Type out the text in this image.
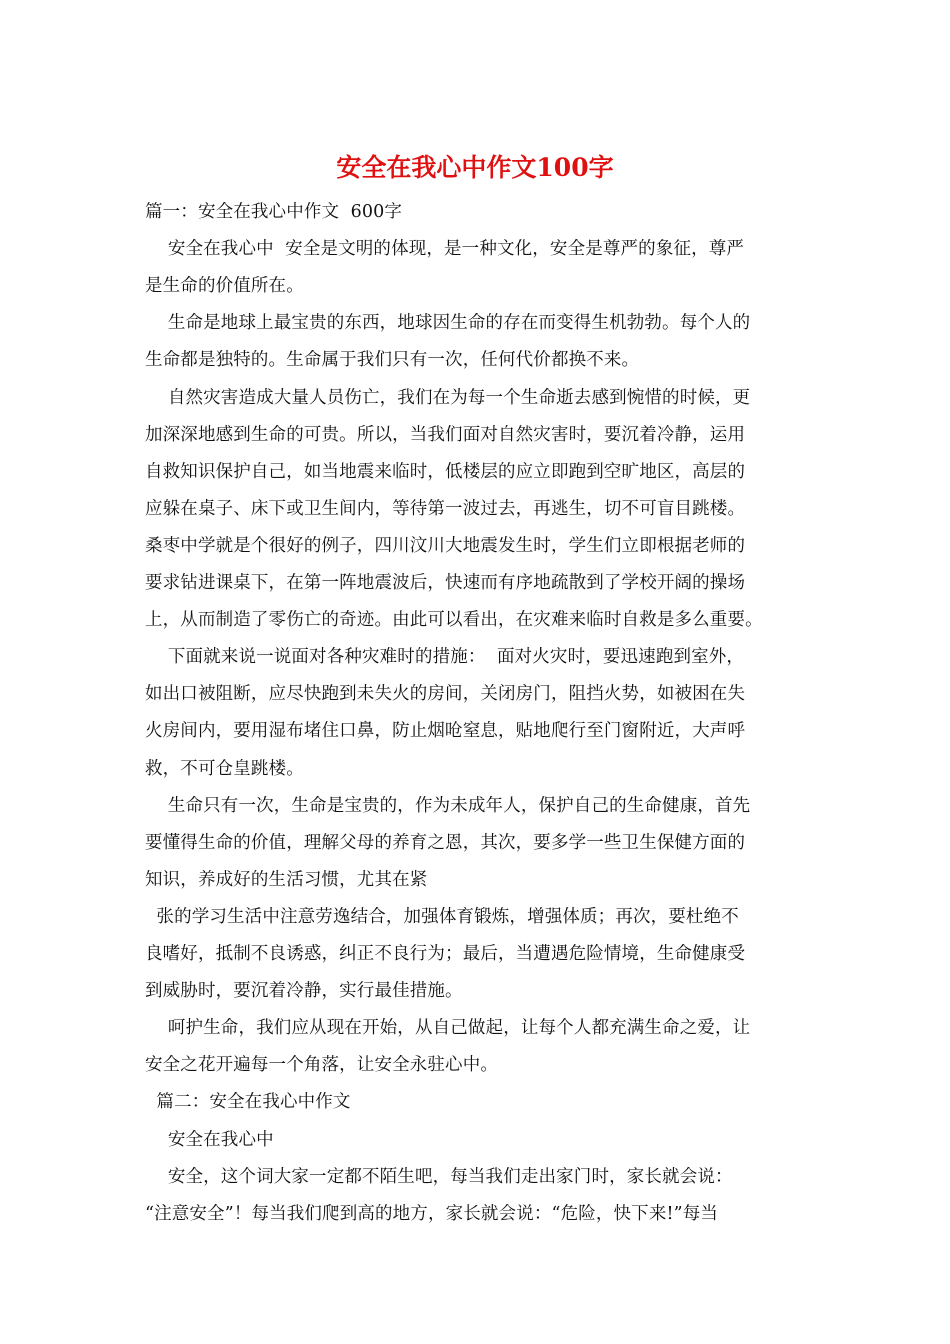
安全在我心中作文100字
篇一：安全在我心中作文  600字
安全在我心中  安全是文明的体现，是一种文化，安全是尊严的象征，尊严
是生命的价值所在。
生命是地球上最宝贵的东西，地球因生命的存在而变得生机勃勃。每个人的
生命都是独特的。生命属于我们只有一次，任何代价都换不来。
自然灾害造成大量人员伤亡，我们在为每一个生命逝去感到惋惜的时候，更
加深深地感到生命的可贵。所以，当我们面对自然灾害时，要沉着冷静，运用
自救知识保护自己，如当地震来临时，低楼层的应立即跑到空旷地区，高层的
应躲在桌子、床下或卫生间内，等待第一波过去，再逃生，切不可盲目跳楼。
桑枣中学就是个很好的例子，四川汶川大地震发生时，学生们立即根据老师的
要求钻进课桌下，在第一阵地震波后，快速而有序地疏散到了学校开阔的操场
上，从而制造了零伤亡的奇迹。由此可以看出，在灾难来临时自救是多么重要。
下面就来说一说面对各种灾难时的措施：  面对火灾时，要迅速跑到室外，
如出口被阻断，应尽快跑到未失火的房间，关闭房门，阻挡火势，如被困在失
火房间内，要用湿布堵住口鼻，防止烟呛窒息，贴地爬行至门窗附近，大声呼
救，不可仓皇跳楼。
生命只有一次，生命是宝贵的，作为未成年人，保护自己的生命健康，首先
要懂得生命的价值，理解父母的养育之恩，其次，要多学一些卫生保健方面的
知识，养成好的生活习惯，尤其在紧
张的学习生活中注意劳逸结合，加强体育锻炼，增强体质；再次，要杜绝不
良嗜好，抵制不良诱惑，纠正不良行为；最后，当遭遇危险情境，生命健康受
到威胁时，要沉着冷静，实行最佳措施。
呵护生命，我们应从现在开始，从自己做起，让每个人都充满生命之爱，让
安全之花开遍每一个角落，让安全永驻心中。
篇二：安全在我心中作文
安全在我心中
安全，这个词大家一定都不陌生吧，每当我们走出家门时，家长就会说：
“注意安全”！每当我们爬到高的地方，家长就会说：“危险，快下来!”每当
